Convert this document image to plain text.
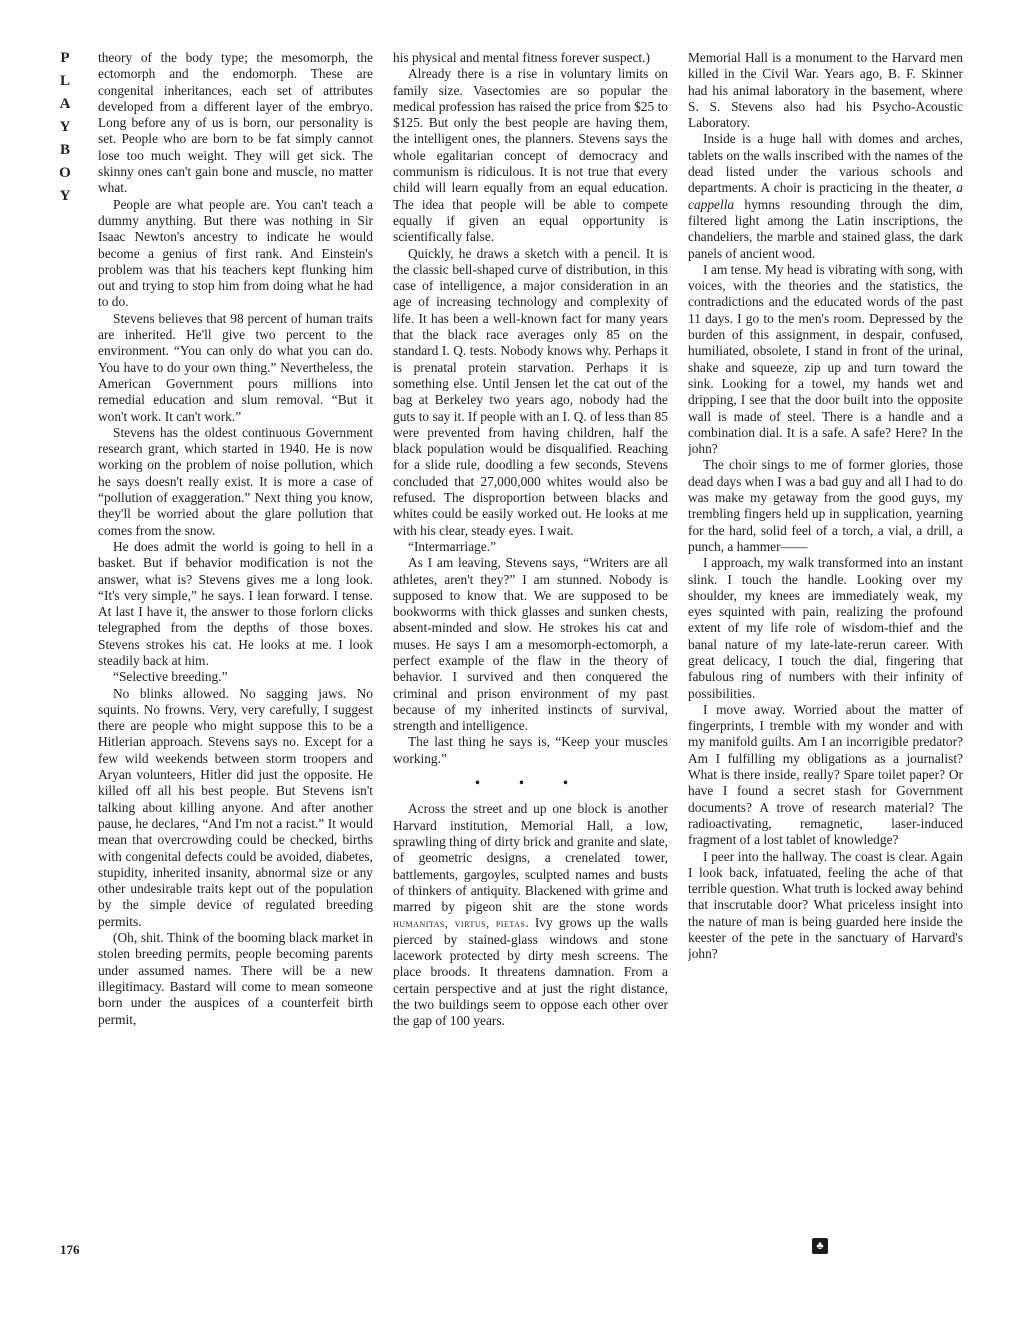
P
L
A
Y
B
O
Y

theory of the body type; the mesomorph, the ectomorph and the endomorph. These are congenital inheritances, each set of attributes developed from a different layer of the embryo. Long before any of us is born, our personality is set. People who are born to be fat simply cannot lose too much weight. They will get sick. The skinny ones can't gain bone and muscle, no matter what.

People are what people are. You can't teach a dummy anything. But there was nothing in Sir Isaac Newton's ancestry to indicate he would become a genius of first rank. And Einstein's problem was that his teachers kept flunking him out and trying to stop him from doing what he had to do.

Stevens believes that 98 percent of human traits are inherited. He'll give two percent to the environment. “You can only do what you can do. You have to do your own thing.” Nevertheless, the American Government pours millions into remedial education and slum removal. “But it won't work. It can't work.”

Stevens has the oldest continuous Government research grant, which started in 1940. He is now working on the problem of noise pollution, which he says doesn't really exist. It is more a case of “pollution of exaggeration.” Next thing you know, they'll be worried about the glare pollution that comes from the snow.

He does admit the world is going to hell in a basket. But if behavior modification is not the answer, what is? Stevens gives me a long look. “It's very simple,” he says. I lean forward. I tense. At last I have it, the answer to those forlorn clicks telegraphed from the depths of those boxes. Stevens strokes his cat. He looks at me. I look steadily back at him.

“Selective breeding.”

No blinks allowed. No sagging jaws. No squints. No frowns. Very, very carefully, I suggest there are people who might suppose this to be a Hitlerian approach. Stevens says no. Except for a few wild weekends between storm troopers and Aryan volunteers, Hitler did just the opposite. He killed off all his best people. But Stevens isn't talking about killing anyone. And after another pause, he declares, “And I'm not a racist.” It would mean that overcrowding could be checked, births with congenital defects could be avoided, diabetes, stupidity, inherited insanity, abnormal size or any other undesirable traits kept out of the population by the simple device of regulated breeding permits.

(Oh, shit. Think of the booming black market in stolen breeding permits, people becoming parents under assumed names. There will be a new illegitimacy. Bastard will come to mean someone born under the auspices of a counterfeit birth permit,

his physical and mental fitness forever suspect.)

Already there is a rise in voluntary limits on family size. Vasectomies are so popular the medical profession has raised the price from $25 to $125. But only the best people are having them, the intelligent ones, the planners. Stevens says the whole egalitarian concept of democracy and communism is ridiculous. It is not true that every child will learn equally from an equal education. The idea that people will be able to compete equally if given an equal opportunity is scientifically false.

Quickly, he draws a sketch with a pencil. It is the classic bell-shaped curve of distribution, in this case of intelligence, a major consideration in an age of increasing technology and complexity of life. It has been a well-known fact for many years that the black race averages only 85 on the standard I. Q. tests. Nobody knows why. Perhaps it is prenatal protein starvation. Perhaps it is something else. Until Jensen let the cat out of the bag at Berkeley two years ago, nobody had the guts to say it. If people with an I. Q. of less than 85 were prevented from having children, half the black population would be disqualified. Reaching for a slide rule, doodling a few seconds, Stevens concluded that 27,000,000 whites would also be refused. The disproportion between blacks and whites could be easily worked out. He looks at me with his clear, steady eyes. I wait.

“Intermarriage.”

As I am leaving, Stevens says, “Writers are all athletes, aren't they?” I am stunned. Nobody is supposed to know that. We are supposed to be bookworms with thick glasses and sunken chests, absent-minded and slow. He strokes his cat and muses. He says I am a mesomorph-ectomorph, a perfect example of the flaw in the theory of behavior. I survived and then conquered the criminal and prison environment of my past because of my inherited instincts of survival, strength and intelligence.

The last thing he says is, “Keep your muscles working.”

• • •

Across the street and up one block is another Harvard institution, Memorial Hall, a low, sprawling thing of dirty brick and granite and slate, of geometric designs, a crenelated tower, battlements, gargoyles, sculpted names and busts of thinkers of antiquity. Blackened with grime and marred by pigeon shit are the stone words humanitas, virtus, pietas. Ivy grows up the walls pierced by stained-glass windows and stone lacework protected by dirty mesh screens. The place broods. It threatens damnation. From a certain perspective and at just the right distance, the two buildings seem to oppose each other over the gap of 100 years.

Memorial Hall is a monument to the Harvard men killed in the Civil War. Years ago, B. F. Skinner had his animal laboratory in the basement, where S. S. Stevens also had his Psycho-Acoustic Laboratory.

Inside is a huge hall with domes and arches, tablets on the walls inscribed with the names of the dead listed under the various schools and departments. A choir is practicing in the theater, a cappella hymns resounding through the dim, filtered light among the Latin inscriptions, the chandeliers, the marble and stained glass, the dark panels of ancient wood.

I am tense. My head is vibrating with song, with voices, with the theories and the statistics, the contradictions and the educated words of the past 11 days. I go to the men's room. Depressed by the burden of this assignment, in despair, confused, humiliated, obsolete, I stand in front of the urinal, shake and squeeze, zip up and turn toward the sink. Looking for a towel, my hands wet and dripping, I see that the door built into the opposite wall is made of steel. There is a handle and a combination dial. It is a safe. A safe? Here? In the john?

The choir sings to me of former glories, those dead days when I was a bad guy and all I had to do was make my getaway from the good guys, my trembling fingers held up in supplication, yearning for the hard, solid feel of a torch, a vial, a drill, a punch, a hammer——

I approach, my walk transformed into an instant slink. I touch the handle. Looking over my shoulder, my knees are immediately weak, my eyes squinted with pain, realizing the profound extent of my life role of wisdom-thief and the banal nature of my late-late-rerun career. With great delicacy, I touch the dial, fingering that fabulous ring of numbers with their infinity of possibilities.

I move away. Worried about the matter of fingerprints, I tremble with my wonder and with my manifold guilts. Am I an incorrigible predator? Am I fulfilling my obligations as a journalist? What is there inside, really? Spare toilet paper? Or have I found a secret stash for Government documents? A trove of research material? The radioactivating, remagnetic, laser-induced fragment of a lost tablet of knowledge?

I peer into the hallway. The coast is clear. Again I look back, infatuated, feeling the ache of that terrible question. What truth is locked away behind that inscrutable door? What priceless insight into the nature of man is being guarded here inside the keester of the pete in the sanctuary of Harvard's john?

176	♣
